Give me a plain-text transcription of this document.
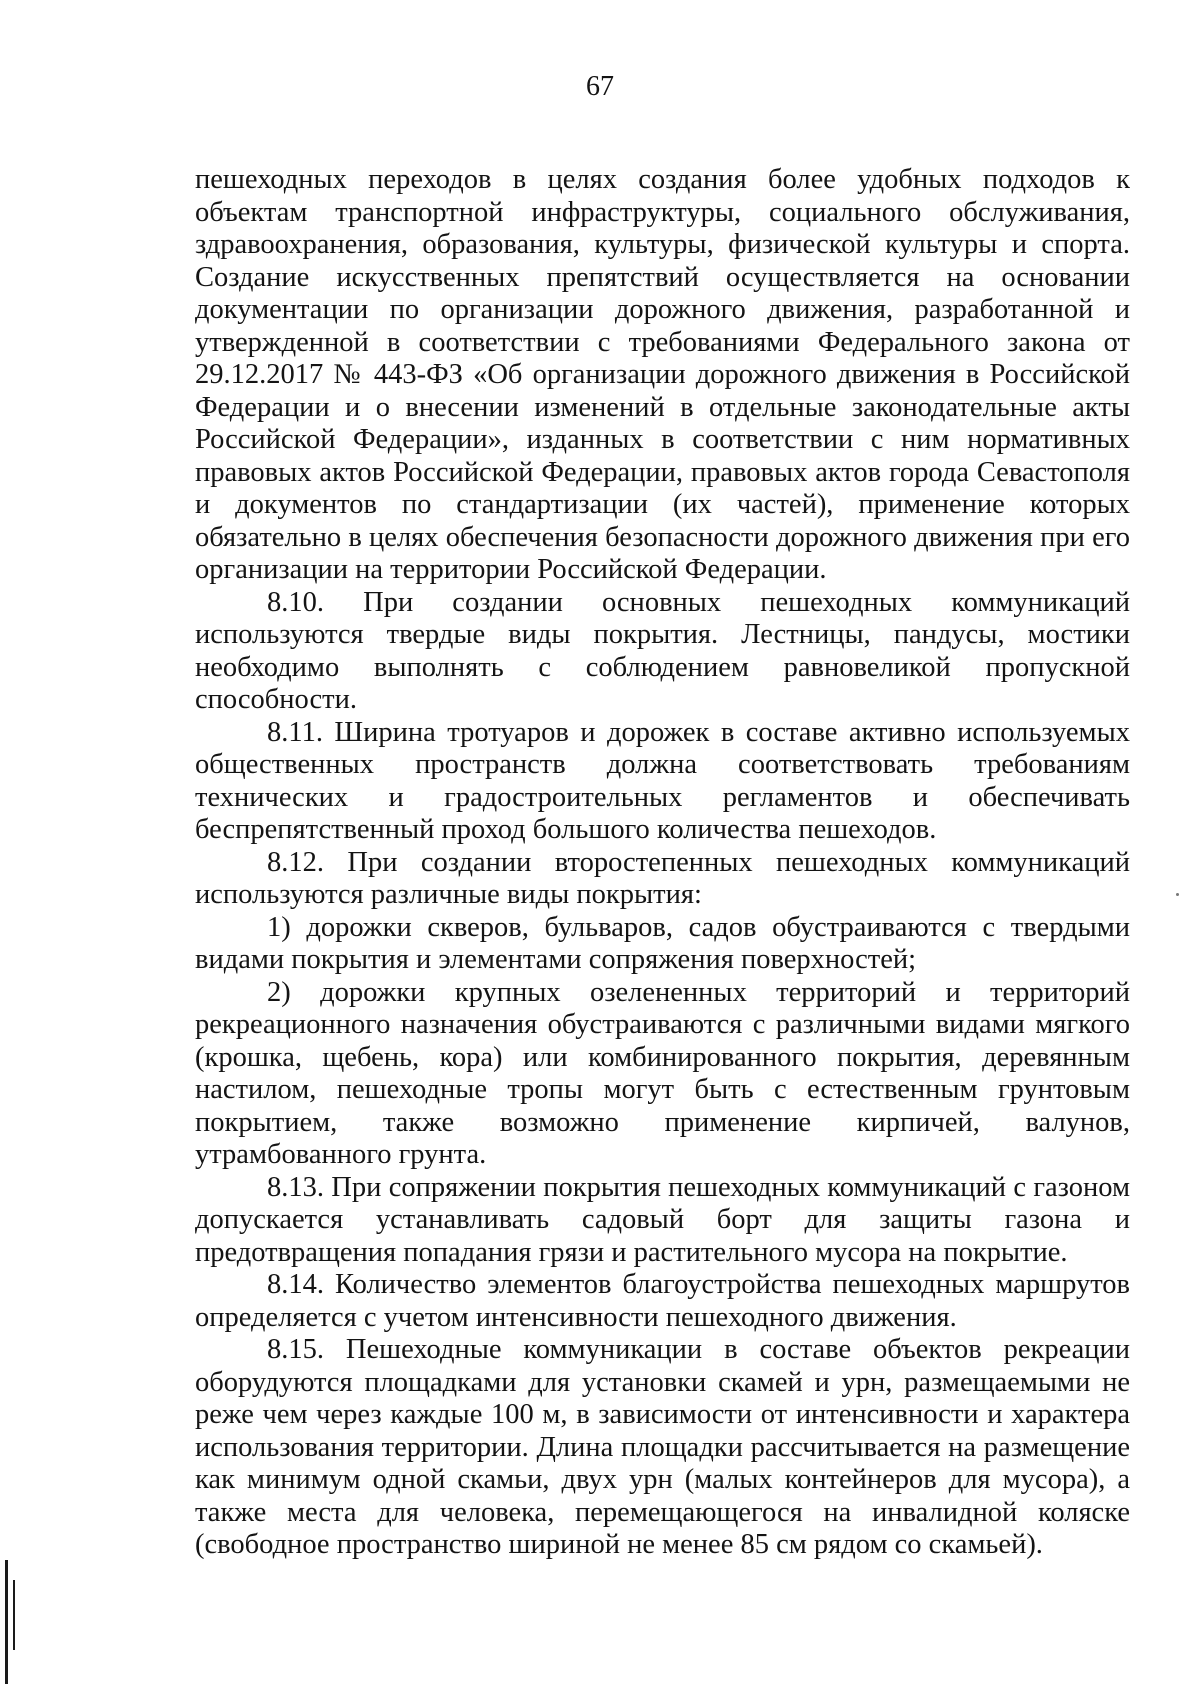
67

пешеходных переходов в целях создания более удобных подходов к объектам транспортной инфраструктуры, социального обслуживания, здравоохранения, образования, культуры, физической культуры и спорта. Создание искусственных препятствий осуществляется на основании документации по организации дорожного движения, разработанной и утвержденной в соответствии с требованиями Федерального закона от 29.12.2017 № 443-ФЗ «Об организации дорожного движения в Российской Федерации и о внесении изменений в отдельные законодательные акты Российской Федерации», изданных в соответствии с ним нормативных правовых актов Российской Федерации, правовых актов города Севастополя и документов по стандартизации (их частей), применение которых обязательно в целях обеспечения безопасности дорожного движения при его организации на территории Российской Федерации.

8.10. При создании основных пешеходных коммуникаций используются твердые виды покрытия. Лестницы, пандусы, мостики необходимо выполнять с соблюдением равновеликой пропускной способности.

8.11. Ширина тротуаров и дорожек в составе активно используемых общественных пространств должна соответствовать требованиям технических и градостроительных регламентов и обеспечивать беспрепятственный проход большого количества пешеходов.

8.12. При создании второстепенных пешеходных коммуникаций используются различные виды покрытия:

1) дорожки скверов, бульваров, садов обустраиваются с твердыми видами покрытия и элементами сопряжения поверхностей;

2) дорожки крупных озелененных территорий и территорий рекреационного назначения обустраиваются с различными видами мягкого (крошка, щебень, кора) или комбинированного покрытия, деревянным настилом, пешеходные тропы могут быть с естественным грунтовым покрытием, также возможно применение кирпичей, валунов, утрамбованного грунта.

8.13. При сопряжении покрытия пешеходных коммуникаций с газоном допускается устанавливать садовый борт для защиты газона и предотвращения попадания грязи и растительного мусора на покрытие.

8.14. Количество элементов благоустройства пешеходных маршрутов определяется с учетом интенсивности пешеходного движения.

8.15. Пешеходные коммуникации в составе объектов рекреации оборудуются площадками для установки скамей и урн, размещаемыми не реже чем через каждые 100 м, в зависимости от интенсивности и характера использования территории. Длина площадки рассчитывается на размещение как минимум одной скамьи, двух урн (малых контейнеров для мусора), а также места для человека, перемещающегося на инвалидной коляске (свободное пространство шириной не менее 85 см рядом со скамьей).
